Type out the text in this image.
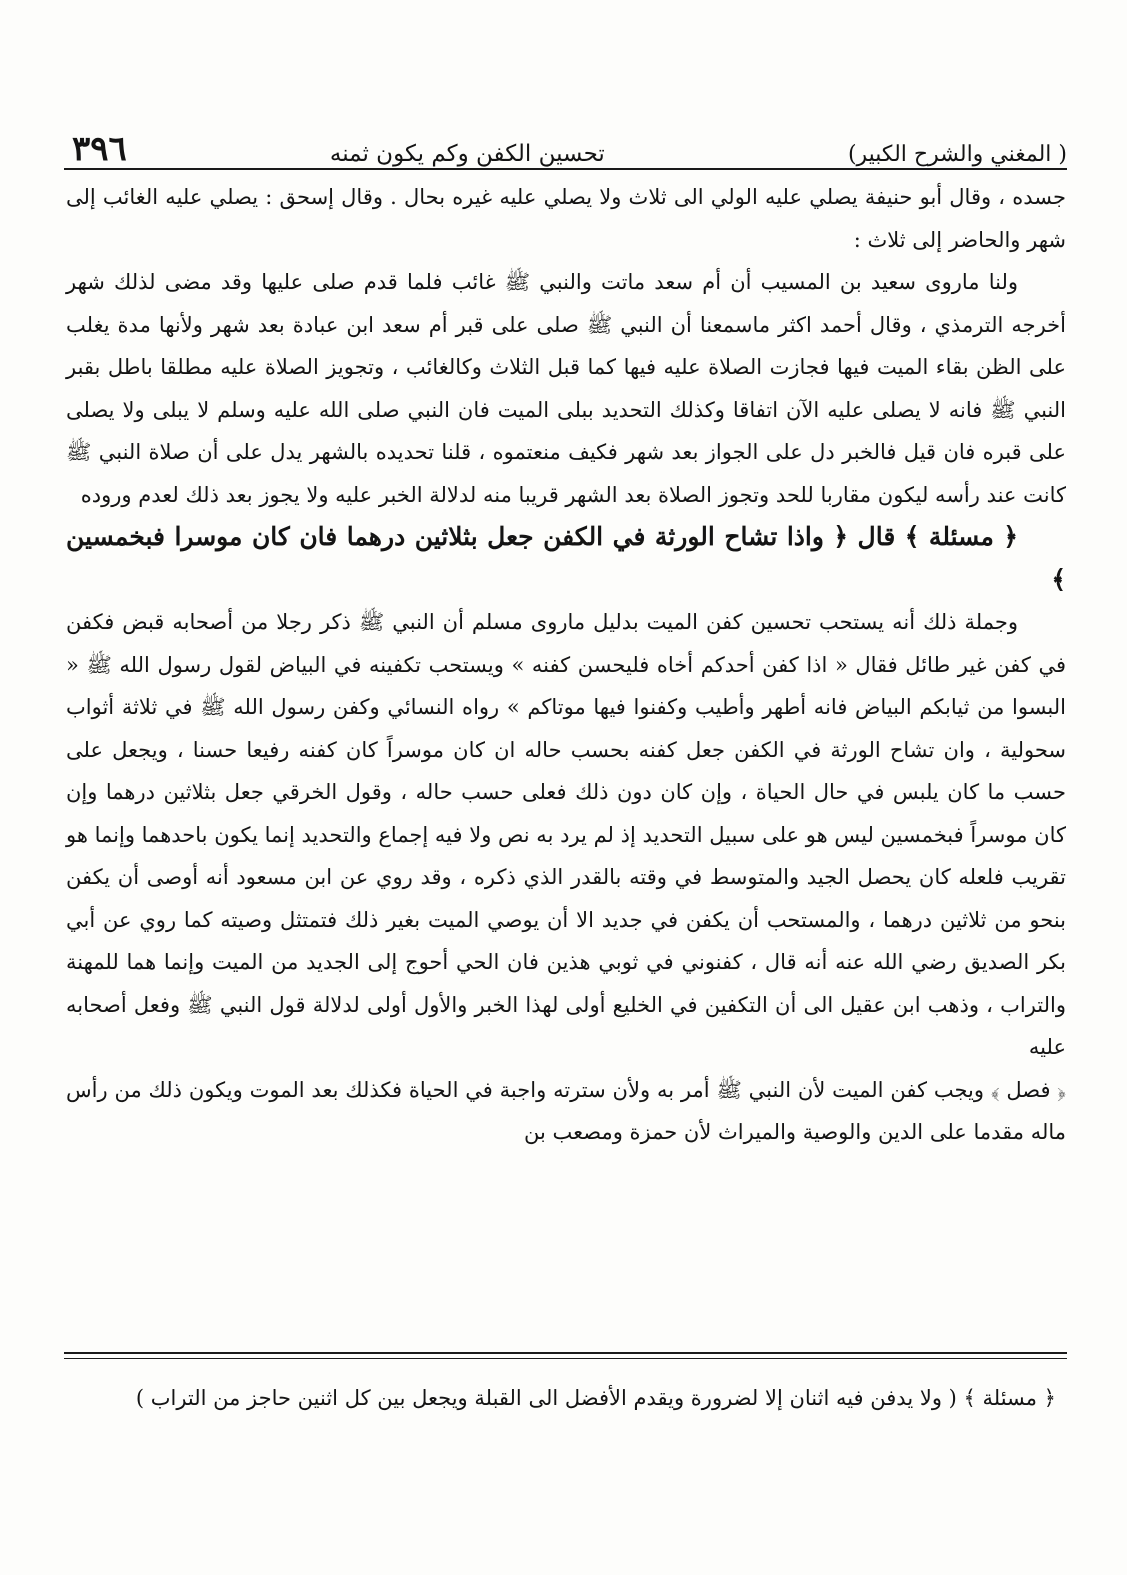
٣٩٦	تحسين الكفن وكم يكون ثمنه	( المغني والشرح الكبير)

جسده ، وقال أبو حنيفة يصلي عليه الولي الى ثلاث ولا يصلي عليه غيره بحال . وقال إسحق : يصلي عليه الغائب إلى شهر والحاضر إلى ثلاث :

ولنا ماروى سعيد بن المسيب أن أم سعد ماتت والنبي ﷺ غائب فلما قدم صلى عليها وقد مضى لذلك شهر أخرجه الترمذي ، وقال أحمد اكثر ماسمعنا أن النبي ﷺ صلى على قبر أم سعد ابن عبادة بعد شهر ولأنها مدة يغلب على الظن بقاء الميت فيها فجازت الصلاة عليه فيها كما قبل الثلاث وكالغائب ، وتجويز الصلاة عليه مطلقا باطل بقبر النبي ﷺ فانه لا يصلى عليه الآن اتفاقا وكذلك التحديد ببلى الميت فان النبي صلى الله عليه وسلم لا يبلى ولا يصلى على قبره فان قيل فالخبر دل على الجواز بعد شهر فكيف منعتموه ، قلنا تحديده بالشهر يدل على أن صلاة النبي ﷺ كانت عند رأسه ليكون مقاربا للحد وتجوز الصلاة بعد الشهر قريبا منه لدلالة الخبر عليه ولا يجوز بعد ذلك لعدم وروده

﴿ مسئلة ﴾ قال ﴿ واذا تشاح الورثة في الكفن جعل بثلاثين درهما فان كان موسرا فبخمسين ﴾

وجملة ذلك أنه يستحب تحسين كفن الميت بدليل ماروى مسلم أن النبي ﷺ ذكر رجلا من أصحابه قبض فكفن في كفن غير طائل فقال « اذا كفن أحدكم أخاه فليحسن كفنه » ويستحب تكفينه في البياض لقول رسول الله ﷺ « البسوا من ثيابكم البياض فانه أطهر وأطيب وكفنوا فيها موتاكم » رواه النسائي وكفن رسول الله ﷺ في ثلاثة أثواب سحولية ، وان تشاح الورثة في الكفن جعل كفنه بحسب حاله ان كان موسراً كان كفنه رفيعا حسنا ، ويجعل على حسب ما كان يلبس في حال الحياة ، وإن كان دون ذلك فعلى حسب حاله ، وقول الخرقي جعل بثلاثين درهما وإن كان موسراً فبخمسين ليس هو على سبيل التحديد إذ لم يرد به نص ولا فيه إجماع والتحديد إنما يكون باحدهما وإنما هو تقريب فلعله كان يحصل الجيد والمتوسط في وقته بالقدر الذي ذكره ، وقد روي عن ابن مسعود أنه أوصى أن يكفن بنحو من ثلاثين درهما ، والمستحب أن يكفن في جديد الا أن يوصي الميت بغير ذلك فتمتثل وصيته كما روي عن أبي بكر الصديق رضي الله عنه أنه قال ، كفنوني في ثوبي هذين فان الحي أحوج إلى الجديد من الميت وإنما هما للمهنة والتراب ، وذهب ابن عقيل الى أن التكفين في الخليع أولى لهذا الخبر والأول أولى لدلالة قول النبي ﷺ وفعل أصحابه عليه

﴿ فصل ﴾ ويجب كفن الميت لأن النبي ﷺ أمر به ولأن سترته واجبة في الحياة فكذلك بعد الموت ويكون ذلك من رأس ماله مقدما على الدين والوصية والميراث لأن حمزة ومصعب بن

﴿ مسئلة ﴾ ( ولا يدفن فيه اثنان إلا لضرورة ويقدم الأفضل الى القبلة ويجعل بين كل اثنين حاجز من التراب )
